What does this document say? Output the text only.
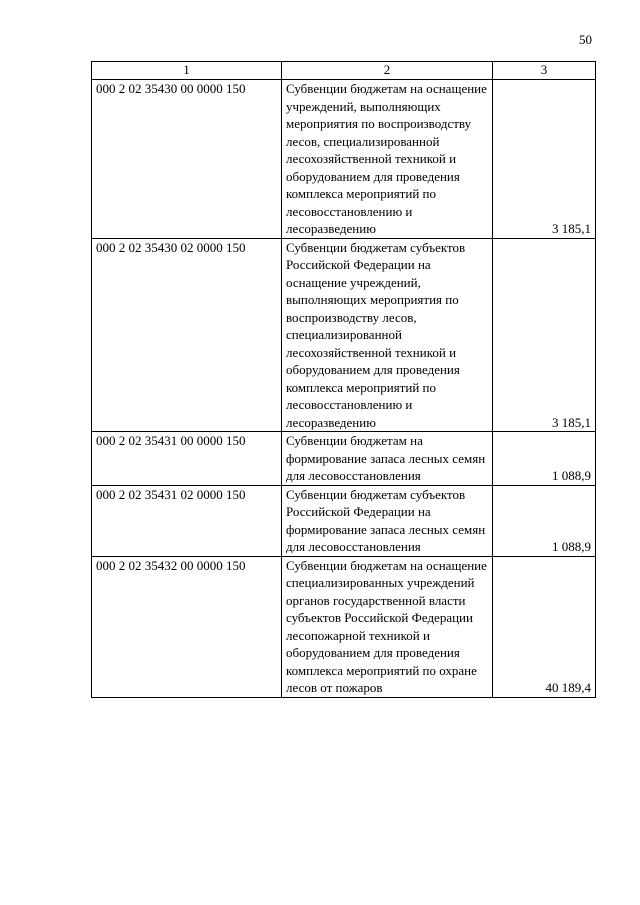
50
1	2	3
000 2 02 35430 00 0000 150	Субвенции бюджетам на оснащение учреждений, выполняющих мероприятия по воспроизводству лесов, специализированной лесохозяйственной техникой и оборудованием для проведения комплекса мероприятий по лесовосстановлению и лесоразведению	3 185,1
000 2 02 35430 02 0000 150	Субвенции бюджетам субъектов Российской Федерации на оснащение учреждений, выполняющих мероприятия по воспроизводству лесов, специализированной лесохозяйственной техникой и оборудованием для проведения комплекса мероприятий по лесовосстановлению и лесоразведению	3 185,1
000 2 02 35431 00 0000 150	Субвенции бюджетам на формирование запаса лесных семян для лесовосстановления	1 088,9
000 2 02 35431 02 0000 150	Субвенции бюджетам субъектов Российской Федерации на формирование запаса лесных семян для лесовосстановления	1 088,9
000 2 02 35432 00 0000 150	Субвенции бюджетам на оснащение специализированных учреждений органов государственной власти субъектов Российской Федерации лесопожарной техникой и оборудованием для проведения комплекса мероприятий по охране лесов от пожаров	40 189,4
